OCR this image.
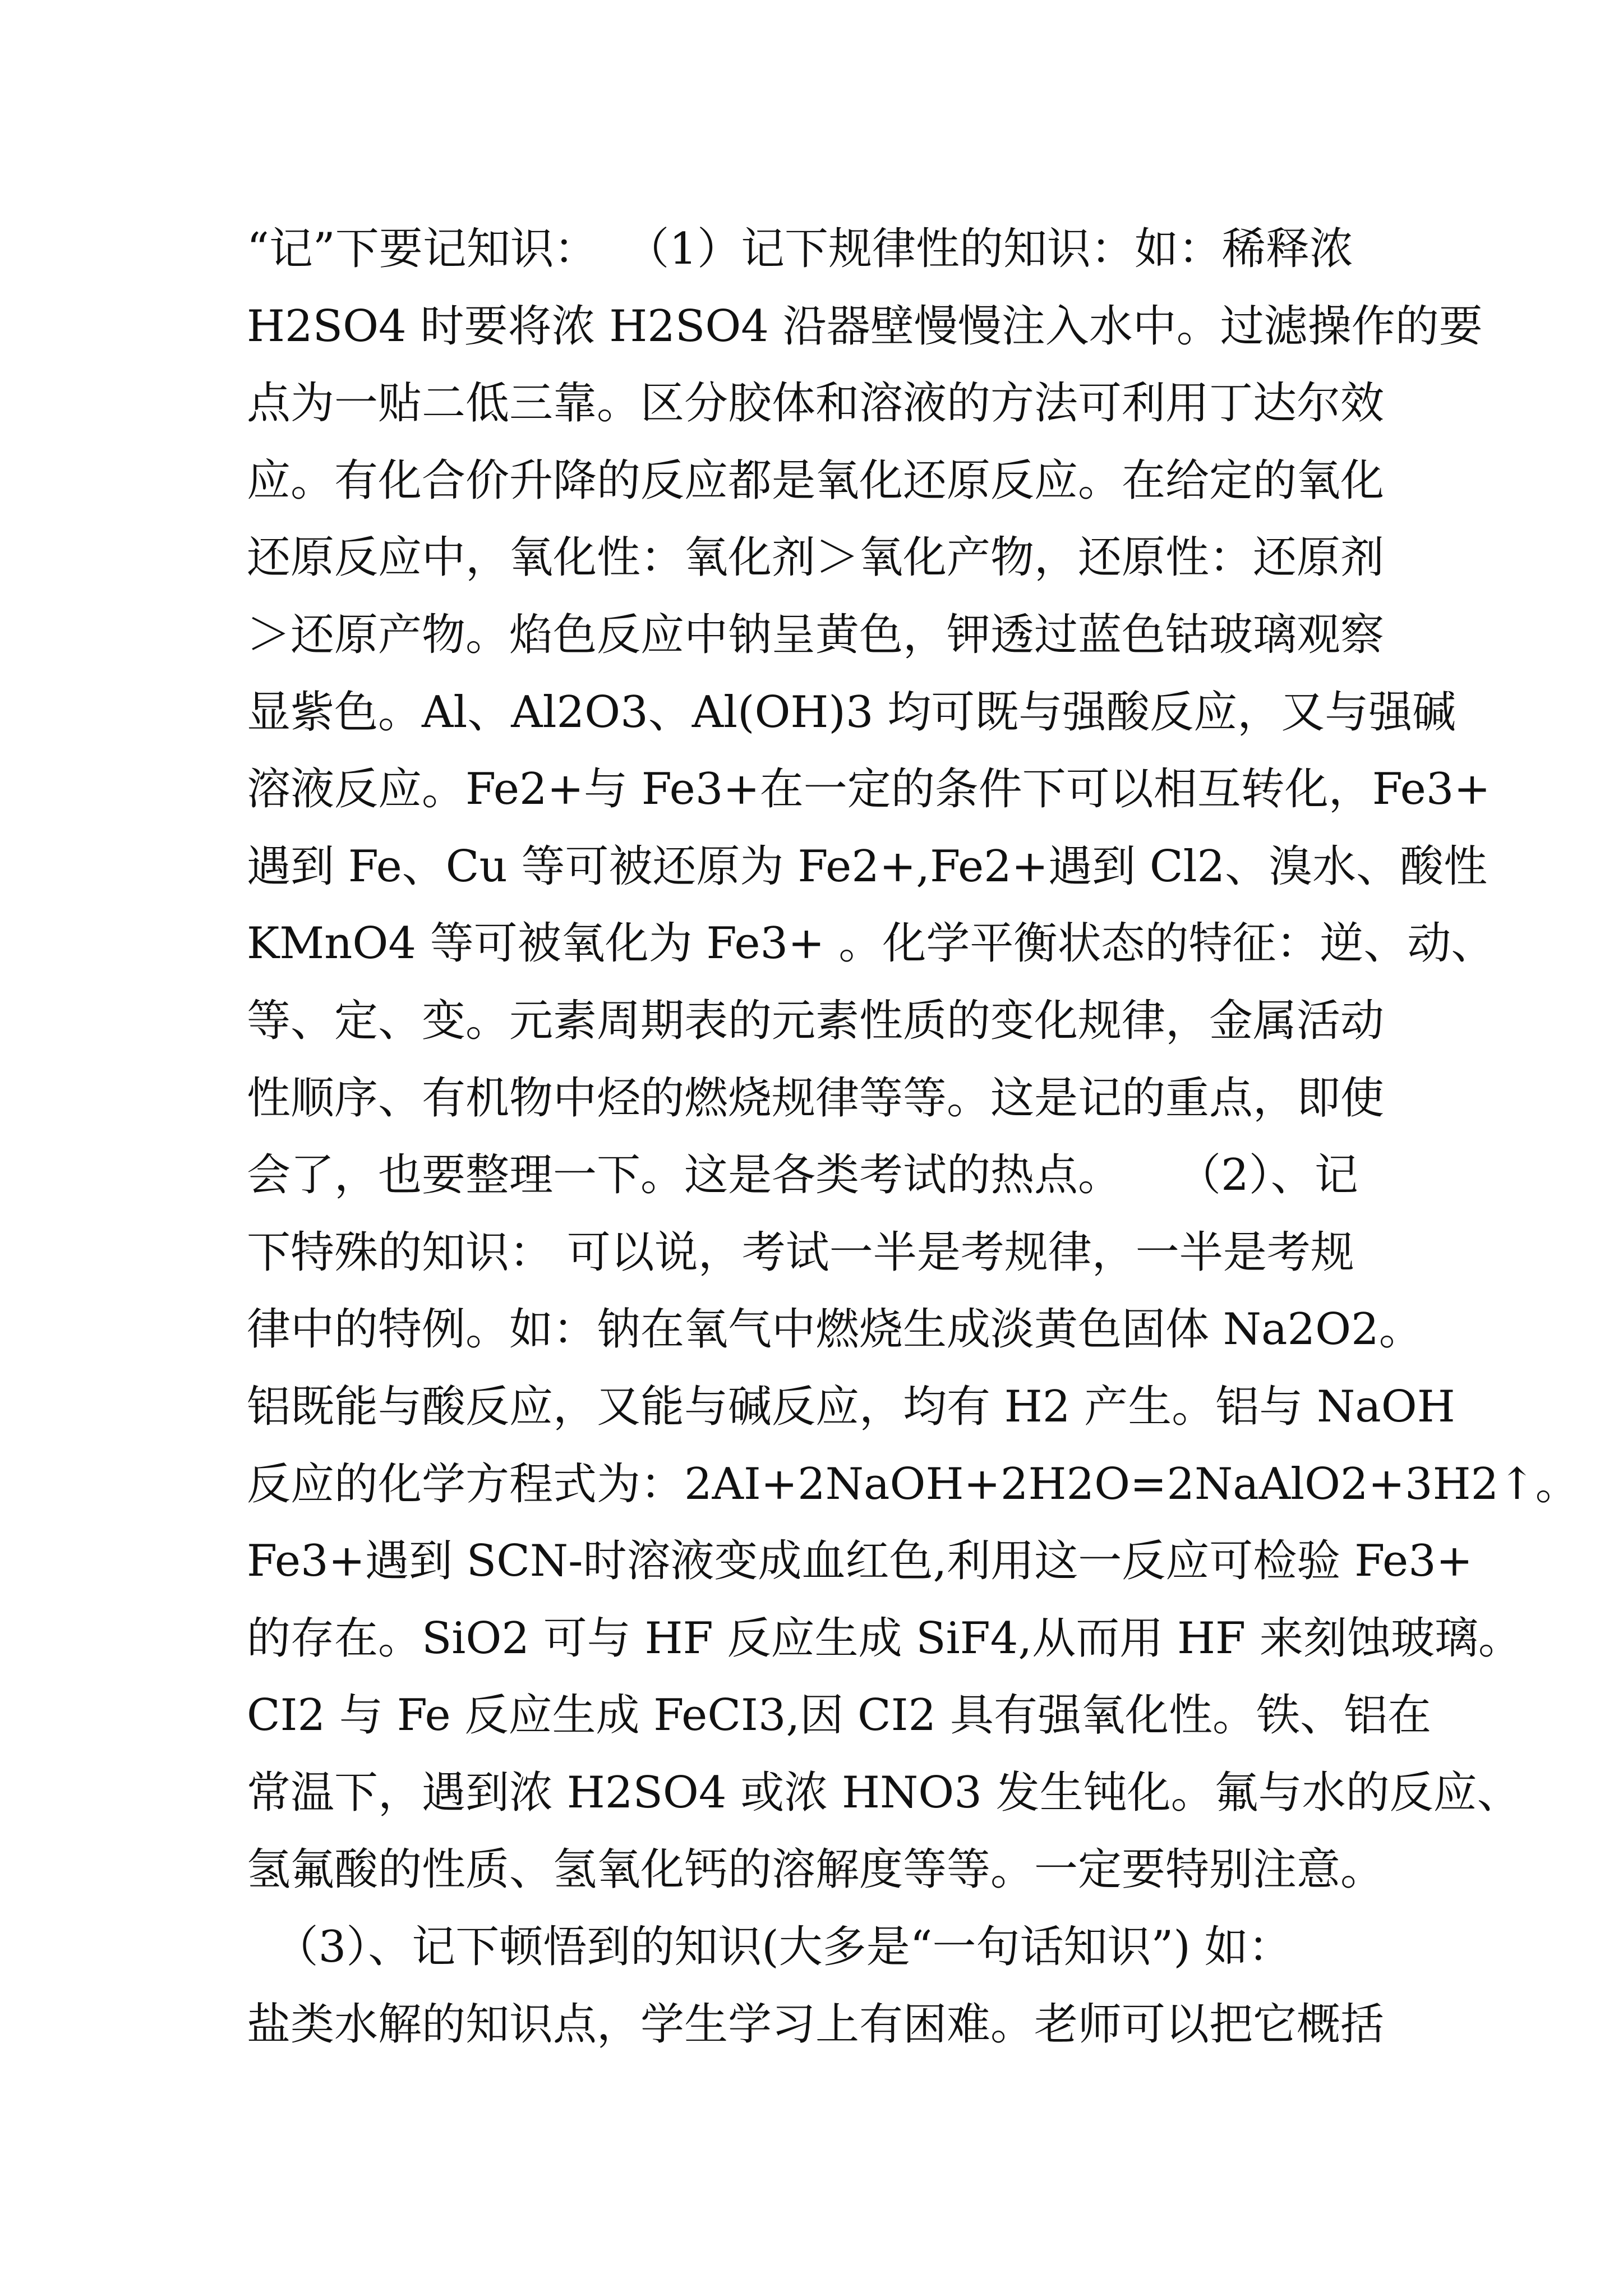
“记”下要记知识：  （1）记下规律性的知识：如：稀释浓
H2SO4 时要将浓 H2SO4 沿器壁慢慢注入水中。过滤操作的要
点为一贴二低三靠。区分胶体和溶液的方法可利用丁达尔效
应。有化合价升降的反应都是氧化还原反应。在给定的氧化
还原反应中，氧化性：氧化剂＞氧化产物，还原性：还原剂
＞还原产物。焰色反应中钠呈黄色，钾透过蓝色钴玻璃观察
显紫色。Al、Al2O3、Al(OH)3 均可既与强酸反应，又与强碱
溶液反应。Fe2+与 Fe3+在一定的条件下可以相互转化，Fe3+
遇到 Fe、Cu 等可被还原为 Fe2+,Fe2+遇到 Cl2、溴水、酸性
KMnO4 等可被氧化为 Fe3+ 。化学平衡状态的特征：逆、动、
等、定、变。元素周期表的元素性质的变化规律，金属活动
性顺序、有机物中烃的燃烧规律等等。这是记的重点，即使
会了，也要整理一下。这是各类考试的热点。    （2）、记
下特殊的知识： 可以说，考试一半是考规律，一半是考规
律中的特例。如：钠在氧气中燃烧生成淡黄色固体 Na2O2。
铝既能与酸反应，又能与碱反应，均有 H2 产生。铝与 NaOH
反应的化学方程式为：2AI+2NaOH+2H2O=2NaAlO2+3H2↑。
Fe3+遇到 SCN-时溶液变成血红色,利用这一反应可检验 Fe3+
的存在。SiO2 可与 HF 反应生成 SiF4,从而用 HF 来刻蚀玻璃。
CI2 与 Fe 反应生成 FeCI3,因 CI2 具有强氧化性。铁、铝在
常温下，遇到浓 H2SO4 或浓 HNO3 发生钝化。氟与水的反应、
氢氟酸的性质、氢氧化钙的溶解度等等。一定要特别注意。
（3）、记下顿悟到的知识(大多是“一句话知识”) 如：
盐类水解的知识点，学生学习上有困难。老师可以把它概括
